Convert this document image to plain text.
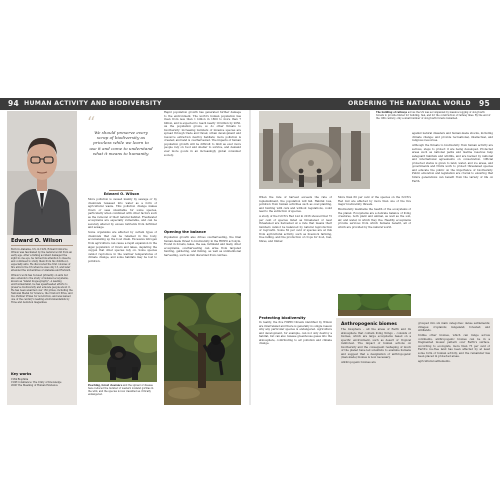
94 HUMAN ACTIVITY AND BIODIVERSITY	ORDERING THE NATURAL WORLD 95
Edward O. Wilson

Born in Alabama, US, in 1929, Edward Osborne Wilson was fascinated by the natural world from an early age. After a fishing accident damaged the sight in one eye, he turned his attention to insects, and continued to study them from his childhood, especially ants. He discovered the first colonies of fire ants in the US when he was only 13, and later attended the universities of Alabama and Harvard.

Wilson's work has focused primarily on ants but also extends to the study of isolated ecosystems, known as "island biogeography". A leading environmentalist, he has spearheaded efforts to preserve biodiversity and educate people about it. He has been awarded over 150 prizes, including the National Medal for Science, the Crafoord Prize, and two Pulitzer Prizes for non-fiction, and was named one of the century's leading environmentalists by Time and Audubon magazines.

Key works
1984 Biophilia
1998 Consilience: The Unity of Knowledge
2006 The Meaning of Human Existence
“
We should preserve every scrap of biodiversity as priceless while we learn to use it and come to understand what it means to humanity.
Edward O. Wilson

More pollution is caused mainly by sewage or by chemicals released into water as a form of agricultural waste. This pollution change makes rivers or seas unsuitable for some species, particularly when combined with other factors such as the removal of their natural habitat. Freshwater ecosystems are especially vulnerable, and can be severely altered by excess nutrients from fertilizer and sewage.

Some organisms are affected by certain types of chemicals that can be retained in the body, accumulating up the food chain. Excessive nitrogen from agriculture can cause a rapid expansion in the algal population of rivers and lakes, depleting the oxygen that other species rely on. Some species cannot reproduce in the warmer temperatures of climate change, and some habitats may be lost to pollution.

Poaching, forest clearance and the spread of disease have reduced the number of western lowland gorillas in the wild, and the species is now classified as critically endangered.

Rapid population growth has generated further damage to the environment. The world's human population has risen from less than 1 billion in 1800 to more than 7 billion, and is expected to reach nearly 10 billion by 2050. As the population grows, so do other threats to biodiversity: increasing numbers of invasive species are spread through trade and travel; urban development and resource extraction destroy habitats; more pollution is created; and land is overharvested. The impacts of human population growth will be difficult to limit as ever more people rely on food and shelter to survive, and demand ever more goods in an increasingly global consumer society.

Opening the balance

Population growth also drives overharvesting, the final human-made threat to biodiversity in the HIPPO acronym. Found in forests, lakes, the sea, farmland and many other ecosystems, overharvesting can arise from targeted hunting, gathering, and fishing, as well as unintentional harvesting, such as fish discarded from catches.

The building of railways across the US was accompanied by massive logging of old-growth forests to provide timber for building, fuel, and for the construction of railway lines. By the end of the 19th century, only a small number of old-growth forests remained.

against natural disasters and human-made shocks, including climate change; and provide recreational, intellectual, and religious resources.

Although the threats to biodiversity from human activity are serious, steps to protect it are being developed. Protected areas such as national parks and marine reserves help safeguard habitats and wildlife, and are backed by national and international agreements on conservation. Official protected status is given to land, water, and ice areas, and governments and NGOs work to protect threatened species and educate the public on the importance of biodiversity. Public education and legislation are crucial to ensuring that future generations can benefit from the variety of life on Earth.

When the rate of harvest exceeds the rate of replenishment, the population will fall. Habitat loss, pollution from human activities such as over-planting, and hunting with cars and without regulations, could lead to the extinction of species.

A study of the IUCN's Red List in 2016 showed that 72 per cent of species listed as threatened or near threatened are harvested at a rate that means their numbers cannot be balanced by natural reproduction or regrowth. Some 62 per cent of species are at risk from agricultural activity, such as livestock farming, tree felling, and the production of crops for food, fuel, fibres, and timber.

Protecting biodiversity

In reality, the five HIPPO threats identified by Wilson are interrelated and there is generally no single reason why any particular species is endangered. Agriculture and development, for example, can not only destroy a habitat, but can also release greenhouse gases into the atmosphere, contributing to air pollution and climate change.

More than 60 per cent of the species on the IUCN's Red List are affected by more than one of the five major biodiversity threats.

Biodiversity maintains the health of the ecosystems of the planet. Ecosystems are a delicate balance of living creatures, both plant and animal, as well as the soil, air, and water, in which they live. Healthy ecosystems provide services from which humans benefit, all of which are provided by the natural world.

Anthropogenic biomes

The biosphere – all the areas of Earth and its atmosphere that contain living things – consists of biomes, which are large ecosystems based on a specific environment, such as desert or tropical rainforest. The impact of human actions on biodiversity and the consequent reshaping of much of the planet have led scientists to examine humans and suggest that a designation of anthropogenic (man-made) biomes is now necessary.

Anthropogenic biomes are

grouped into six main categories: dense settlements; villages; croplands; rangeland; forested; and wildlands.

Unlike other biomes, which can range across continents, anthropogenic biomes can be in a fragmented mosaic pattern over Earth's surface. According to ecologists, more than 75 per cent of Earth's ice-free land has been affected by at least some form of human activity, and the remainder has been placed in protected areas.

agricultural settlements.
